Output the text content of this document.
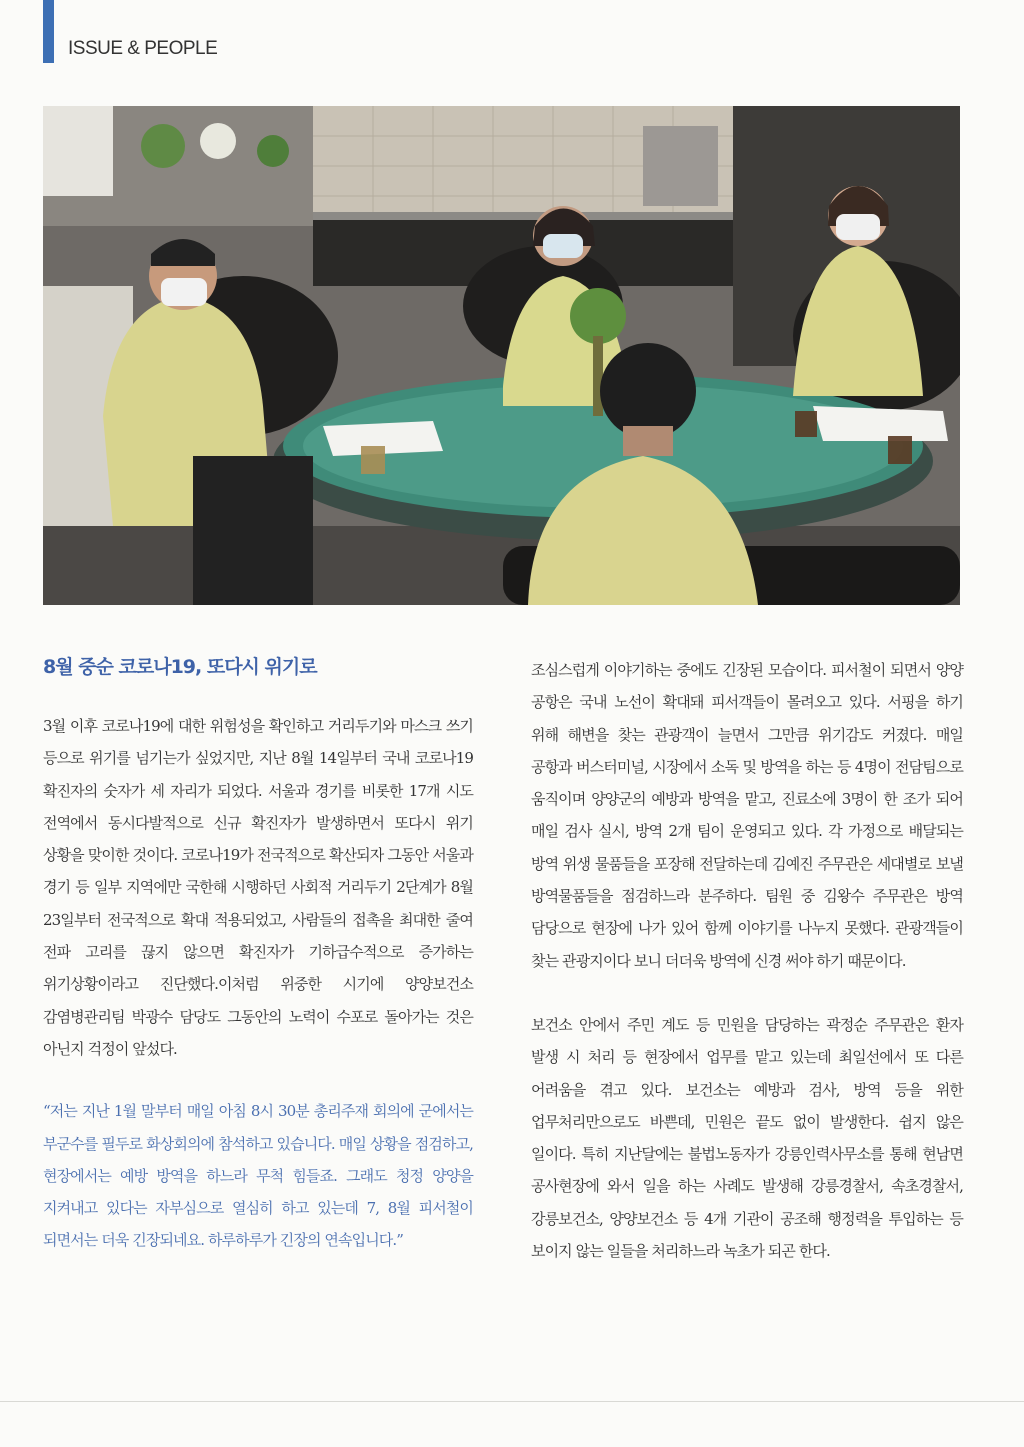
ISSUE & PEOPLE
8월 중순 코로나19, 또다시 위기로

3월 이후 코로나19에 대한 위험성을 확인하고 거리두기와 마스크 쓰기 등으로 위기를 넘기는가 싶었지만, 지난 8월 14일부터 국내 코로나19 확진자의 숫자가 세 자리가 되었다. 서울과 경기를 비롯한 17개 시도 전역에서 동시다발적으로 신규 확진자가 발생하면서 또다시 위기 상황을 맞이한 것이다. 코로나19가 전국적으로 확산되자 그동안 서울과 경기 등 일부 지역에만 국한해 시행하던 사회적 거리두기 2단계가 8월 23일부터 전국적으로 확대 적용되었고, 사람들의 접촉을 최대한 줄여 전파 고리를 끊지 않으면 확진자가 기하급수적으로 증가하는 위기상황이라고 진단했다.이처럼 위중한 시기에 양양보건소 감염병관리팀 박광수 담당도 그동안의 노력이 수포로 돌아가는 것은 아닌지 걱정이 앞섰다.

“저는 지난 1월 말부터 매일 아침 8시 30분 총리주재 회의에 군에서는 부군수를 필두로 화상회의에 참석하고 있습니다. 매일 상황을 점검하고, 현장에서는 예방 방역을 하느라 무척 힘들죠. 그래도 청정 양양을 지켜내고 있다는 자부심으로 열심히 하고 있는데 7, 8월 피서철이 되면서는 더욱 긴장되네요. 하루하루가 긴장의 연속입니다.”

조심스럽게 이야기하는 중에도 긴장된 모습이다. 피서철이 되면서 양양 공항은 국내 노선이 확대돼 피서객들이 몰려오고 있다. 서핑을 하기 위해 해변을 찾는 관광객이 늘면서 그만큼 위기감도 커졌다. 매일 공항과 버스터미널, 시장에서 소독 및 방역을 하는 등 4명이 전담팀으로 움직이며 양양군의 예방과 방역을 맡고, 진료소에 3명이 한 조가 되어 매일 검사 실시, 방역 2개 팀이 운영되고 있다. 각 가정으로 배달되는 방역 위생 물품들을 포장해 전달하는데 김예진 주무관은 세대별로 보낼 방역물품들을 점검하느라 분주하다. 팀원 중 김왕수 주무관은 방역 담당으로 현장에 나가 있어 함께 이야기를 나누지 못했다. 관광객들이 찾는 관광지이다 보니 더더욱 방역에 신경 써야 하기 때문이다.

보건소 안에서 주민 계도 등 민원을 담당하는 곽정순 주무관은 환자 발생 시 처리 등 현장에서 업무를 맡고 있는데 최일선에서 또 다른 어려움을 겪고 있다. 보건소는 예방과 검사, 방역 등을 위한 업무처리만으로도 바쁜데, 민원은 끝도 없이 발생한다. 쉽지 않은 일이다. 특히 지난달에는 불법노동자가 강릉인력사무소를 통해 현남면 공사현장에 와서 일을 하는 사례도 발생해 강릉경찰서, 속초경찰서, 강릉보건소, 양양보건소 등 4개 기관이 공조해 행정력을 투입하는 등 보이지 않는 일들을 처리하느라 녹초가 되곤 한다.
